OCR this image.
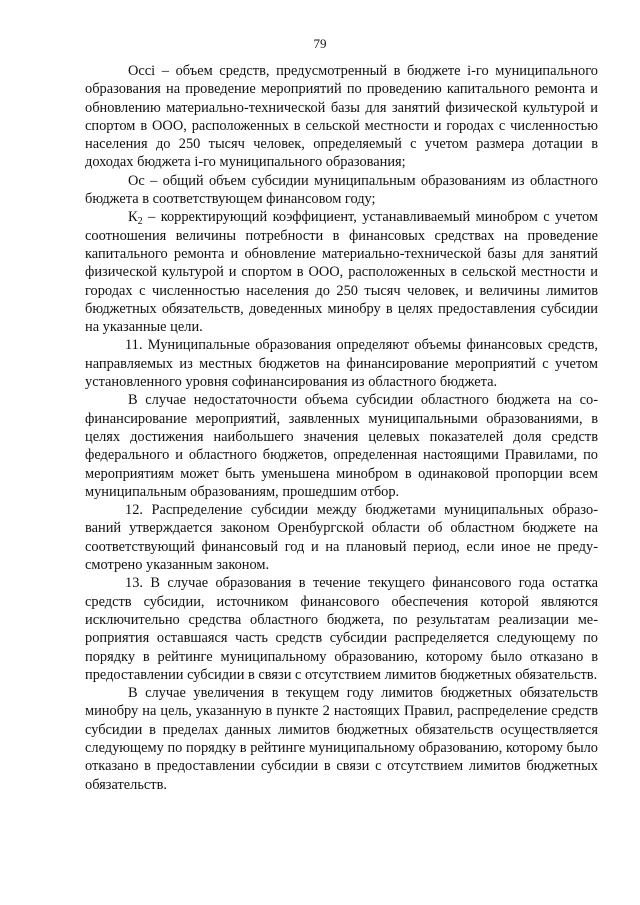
79

Occi – объем средств, предусмотренный в бюджете i-го муниципального образования на проведение мероприятий по проведению капитального ремонта и обновлению материально-технической базы для занятий физической культурой и спортом в ООО, расположенных в сельской местности и городах с численностью населения до 250 тысяч человек, определяемый с учетом размера дотации в доходах бюджета i-го муниципального образования;

Ос – общий объем субсидии муниципальным образованиям из областного бюджета в соответствующем финансовом году;

$К_2$ – корректирующий коэффициент, устанавливаемый минобром с учетом соотношения величины потребности в финансовых средствах на проведение капитального ремонта и обновление материально-технической базы для занятий физической культурой и спортом в ООО, расположенных в сельской местности и городах с численностью населения до 250 тысяч человек, и величины лимитов бюджетных обязательств, доведенных минобру в целях предоставления субсидии на указанные цели.

11. Муниципальные образования определяют объемы финансовых средств, направляемых из местных бюджетов на финансирование мероприятий с учетом установленного уровня софинансирования из областного бюджета.

В случае недостаточности объема субсидии областного бюджета на софинансирование мероприятий, заявленных муниципальными образованиями, в целях достижения наибольшего значения целевых показателей доля средств федерального и областного бюджетов, определенная настоящими Правилами, по мероприятиям может быть уменьшена минобром в одинаковой пропорции всем муниципальным образованиям, прошедшим отбор.

12. Распределение субсидии между бюджетами муниципальных образований утверждается законом Оренбургской области об областном бюджете на соответствующий финансовый год и на плановый период, если иное не предусмотрено указанным законом.

13. В случае образования в течение текущего финансового года остатка средств субсидии, источником финансового обеспечения которой являются исключительно средства областного бюджета, по результатам реализации мероприятия оставшаяся часть средств субсидии распределяется следующему по порядку в рейтинге муниципальному образованию, которому было отказано в предоставлении субсидии в связи с отсутствием лимитов бюджетных обязательств.

В случае увеличения в текущем году лимитов бюджетных обязательств минобру на цель, указанную в пункте 2 настоящих Правил, распределение средств субсидии в пределах данных лимитов бюджетных обязательств осуществляется следующему по порядку в рейтинге муниципальному образованию, которому было отказано в предоставлении субсидии в связи с отсутствием лимитов бюджетных обязательств.
